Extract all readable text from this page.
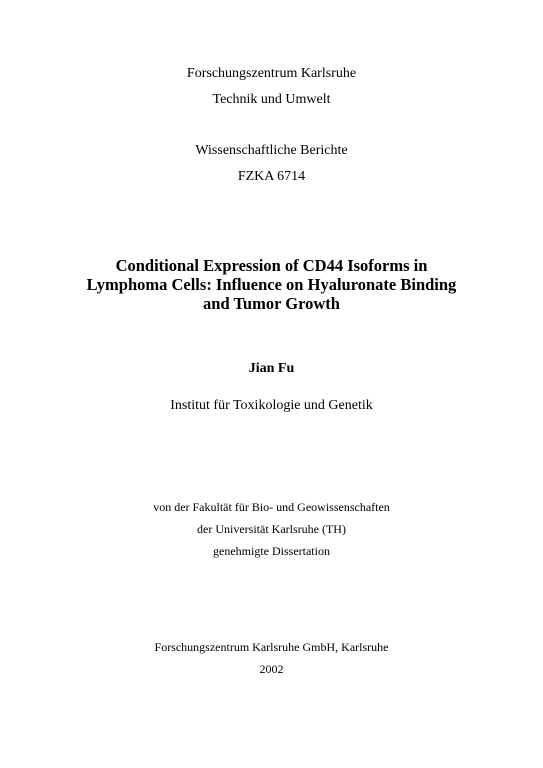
Forschungszentrum Karlsruhe
Technik und Umwelt
Wissenschaftliche Berichte
FZKA 6714
Conditional Expression of CD44 Isoforms in
Lymphoma Cells: Influence on Hyaluronate Binding
and Tumor Growth
Jian Fu
Institut für Toxikologie und Genetik
von der Fakultät für Bio- und Geowissenschaften
der Universität Karlsruhe (TH)
genehmigte Dissertation
Forschungszentrum Karlsruhe GmbH, Karlsruhe
2002
